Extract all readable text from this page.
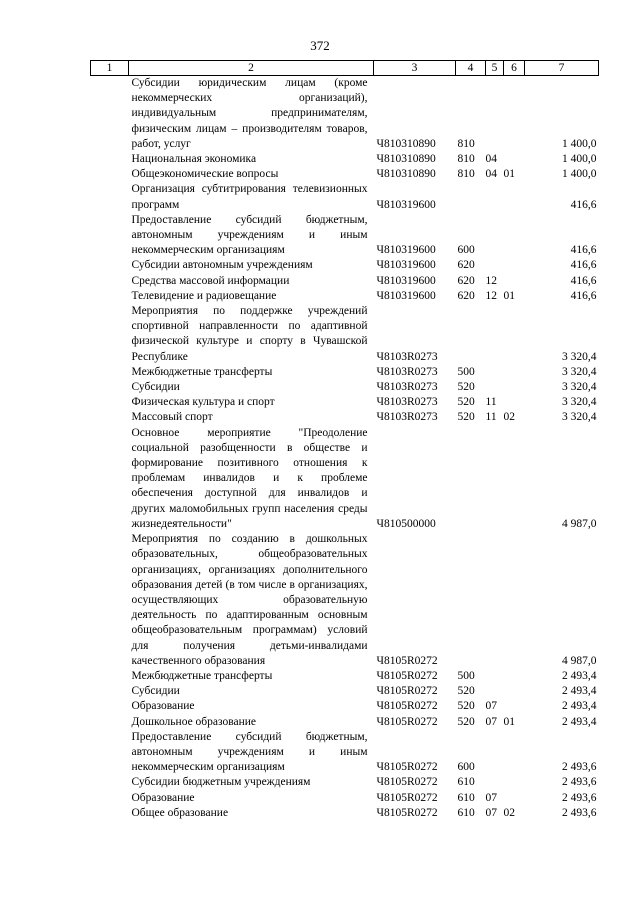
372
1	2	3	4	5	6	7
	Субсидии юридическим лицам (кроме некоммерческих организаций), индивидуальным предпринимателям, физическим лицам – производителям товаров, работ, услуг	Ч810310890	810			1 400,0
	Национальная экономика	Ч810310890	810	04		1 400,0
	Общеэкономические вопросы	Ч810310890	810	04	01	1 400,0
	Организация субтитрирования телевизионных программ	Ч810319600				416,6
	Предоставление субсидий бюджетным, автономным учреждениям и иным некоммерческим организациям	Ч810319600	600			416,6
	Субсидии автономным учреждениям	Ч810319600	620			416,6
	Средства массовой информации	Ч810319600	620	12		416,6
	Телевидение и радиовещание	Ч810319600	620	12	01	416,6
	Мероприятия по поддержке учреждений спортивной направленности по адаптивной физической культуре и спорту в Чувашской Республике	Ч8103R0273				3 320,4
	Межбюджетные трансферты	Ч8103R0273	500			3 320,4
	Субсидии	Ч8103R0273	520			3 320,4
	Физическая культура и спорт	Ч8103R0273	520	11		3 320,4
	Массовый спорт	Ч8103R0273	520	11	02	3 320,4
	Основное мероприятие "Преодоление социальной разобщенности в обществе и формирование позитивного отношения к проблемам инвалидов и к проблеме обеспечения доступной для инвалидов и других маломобильных групп населения среды жизнедеятельности"	Ч810500000				4 987,0
	Мероприятия по созданию в дошкольных образовательных, общеобразовательных организациях, организациях дополнительного образования детей (в том числе в организациях, осуществляющих образовательную деятельность по адаптированным основным общеобразовательным программам) условий для получения детьми-инвалидами качественного образования	Ч8105R0272				4 987,0
	Межбюджетные трансферты	Ч8105R0272	500			2 493,4
	Субсидии	Ч8105R0272	520			2 493,4
	Образование	Ч8105R0272	520	07		2 493,4
	Дошкольное образование	Ч8105R0272	520	07	01	2 493,4
	Предоставление субсидий бюджетным, автономным учреждениям и иным некоммерческим организациям	Ч8105R0272	600			2 493,6
	Субсидии бюджетным учреждениям	Ч8105R0272	610			2 493,6
	Образование	Ч8105R0272	610	07		2 493,6
	Общее образование	Ч8105R0272	610	07	02	2 493,6
